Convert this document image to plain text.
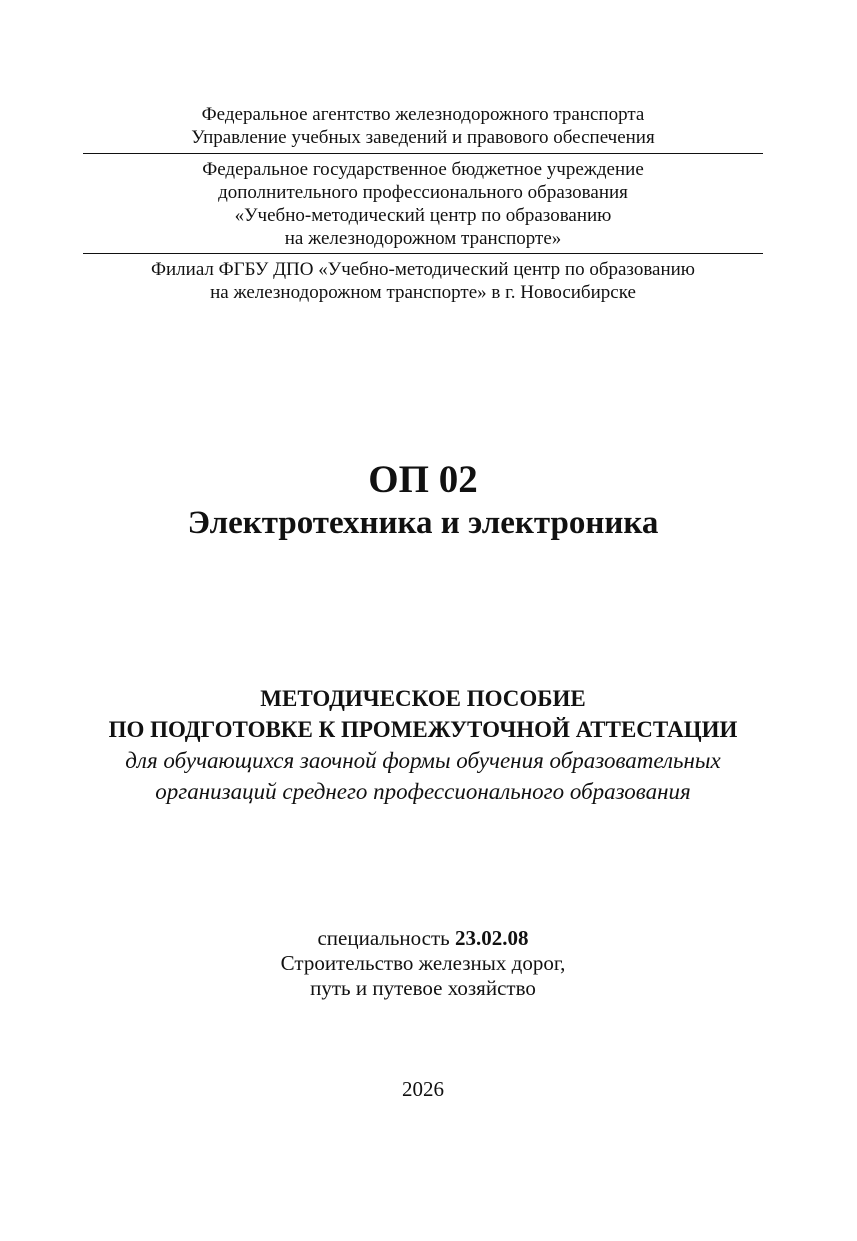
Федеральное агентство железнодорожного транспорта
Управление учебных заведений и правового обеспечения
Федеральное государственное бюджетное учреждение
дополнительного профессионального образования
«Учебно-методический центр по образованию
на железнодорожном транспорте»
Филиал ФГБУ ДПО «Учебно-методический центр по образованию
на железнодорожном транспорте» в г. Новосибирске
ОП 02
Электротехника и электроника
МЕТОДИЧЕСКОЕ ПОСОБИЕ
ПО ПОДГОТОВКЕ К ПРОМЕЖУТОЧНОЙ АТТЕСТАЦИИ
для обучающихся заочной формы обучения образовательных
организаций среднего профессионального образования
специальность 23.02.08
Строительство железных дорог,
путь и путевое хозяйство
2026
